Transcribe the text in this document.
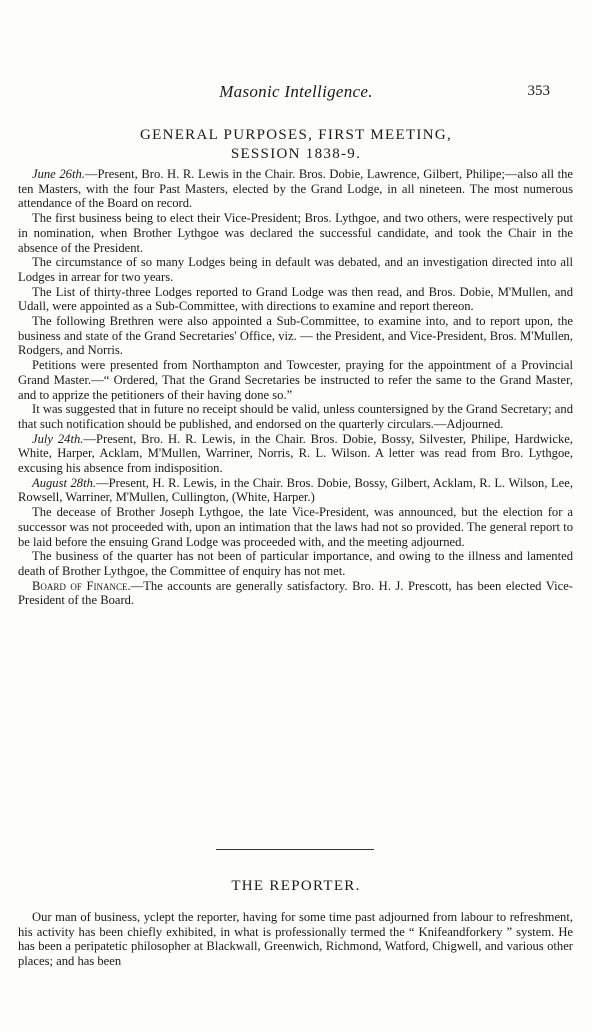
Masonic Intelligence.	353
GENERAL PURPOSES, FIRST MEETING,
SESSION 1838-9.

June 26th.—Present, Bro. H. R. Lewis in the Chair. Bros. Dobie, Lawrence, Gilbert, Philipe;—also all the ten Masters, with the four Past Masters, elected by the Grand Lodge, in all nineteen. The most numerous attendance of the Board on record.

The first business being to elect their Vice-President; Bros. Lythgoe, and two others, were respectively put in nomination, when Brother Lythgoe was declared the successful candidate, and took the Chair in the absence of the President.

The circumstance of so many Lodges being in default was debated, and an investigation directed into all Lodges in arrear for two years.

The List of thirty-three Lodges reported to Grand Lodge was then read, and Bros. Dobie, M'Mullen, and Udall, were appointed as a Sub-Committee, with directions to examine and report thereon.

The following Brethren were also appointed a Sub-Committee, to examine into, and to report upon, the business and state of the Grand Secretaries' Office, viz. — the President, and Vice-President, Bros. M'Mullen, Rodgers, and Norris.

Petitions were presented from Northampton and Towcester, praying for the appointment of a Provincial Grand Master.—“ Ordered, That the Grand Secretaries be instructed to refer the same to the Grand Master, and to apprize the petitioners of their having done so.”

It was suggested that in future no receipt should be valid, unless countersigned by the Grand Secretary; and that such notification should be published, and endorsed on the quarterly circulars.—Adjourned.

July 24th.—Present, Bro. H. R. Lewis, in the Chair. Bros. Dobie, Bossy, Silvester, Philipe, Hardwicke, White, Harper, Acklam, M'Mullen, Warriner, Norris, R. L. Wilson. A letter was read from Bro. Lythgoe, excusing his absence from indisposition.

August 28th.—Present, H. R. Lewis, in the Chair. Bros. Dobie, Bossy, Gilbert, Acklam, R. L. Wilson, Lee, Rowsell, Warriner, M'Mullen, Cullington, (White, Harper.)

The decease of Brother Joseph Lythgoe, the late Vice-President, was announced, but the election for a successor was not proceeded with, upon an intimation that the laws had not so provided. The general report to be laid before the ensuing Grand Lodge was proceeded with, and the meeting adjourned.

The business of the quarter has not been of particular importance, and owing to the illness and lamented death of Brother Lythgoe, the Committee of enquiry has not met.

Board of Finance.—The accounts are generally satisfactory. Bro. H. J. Prescott, has been elected Vice-President of the Board.

THE REPORTER.

Our man of business, yclept the reporter, having for some time past adjourned from labour to refreshment, his activity has been chiefly exhibited, in what is professionally termed the “ Knifeandforkery ” system. He has been a peripatetic philosopher at Blackwall, Greenwich, Richmond, Watford, Chigwell, and various other places; and has been
